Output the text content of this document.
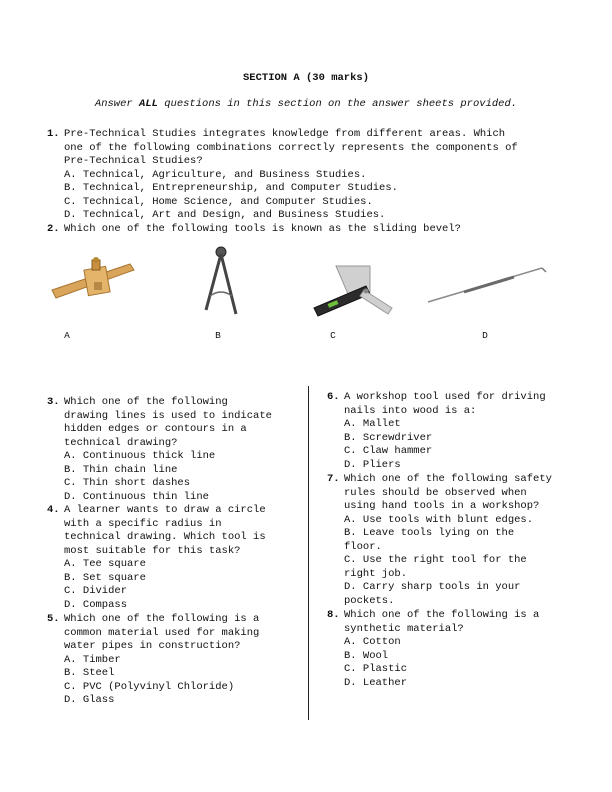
SECTION A (30 marks)
Answer ALL questions in this section on the answer sheets provided.
1. Pre-Technical Studies integrates knowledge from different areas. Which
one of the following combinations correctly represents the components of
Pre-Technical Studies?
A. Technical, Agriculture, and Business Studies.
B. Technical, Entrepreneurship, and Computer Studies.
C. Technical, Home Science, and Computer Studies.
D. Technical, Art and Design, and Business Studies.
2. Which one of the following tools is known as the sliding bevel?
A	B	C	D
3. Which one of the following
drawing lines is used to indicate
hidden edges or contours in a
technical drawing?
A. Continuous thick line
B. Thin chain line
C. Thin short dashes
D. Continuous thin line
4. A learner wants to draw a circle
with a specific radius in
technical drawing. Which tool is
most suitable for this task?
A. Tee square
B. Set square
C. Divider
D. Compass
5. Which one of the following is a
common material used for making
water pipes in construction?
A. Timber
B. Steel
C. PVC (Polyvinyl Chloride)
D. Glass
6. A workshop tool used for driving
nails into wood is a:
A. Mallet
B. Screwdriver
C. Claw hammer
D. Pliers
7. Which one of the following safety
rules should be observed when
using hand tools in a workshop?
A. Use tools with blunt edges.
B. Leave tools lying on the
floor.
C. Use the right tool for the
right job.
D. Carry sharp tools in your
pockets.
8. Which one of the following is a
synthetic material?
A. Cotton
B. Wool
C. Plastic
D. Leather
